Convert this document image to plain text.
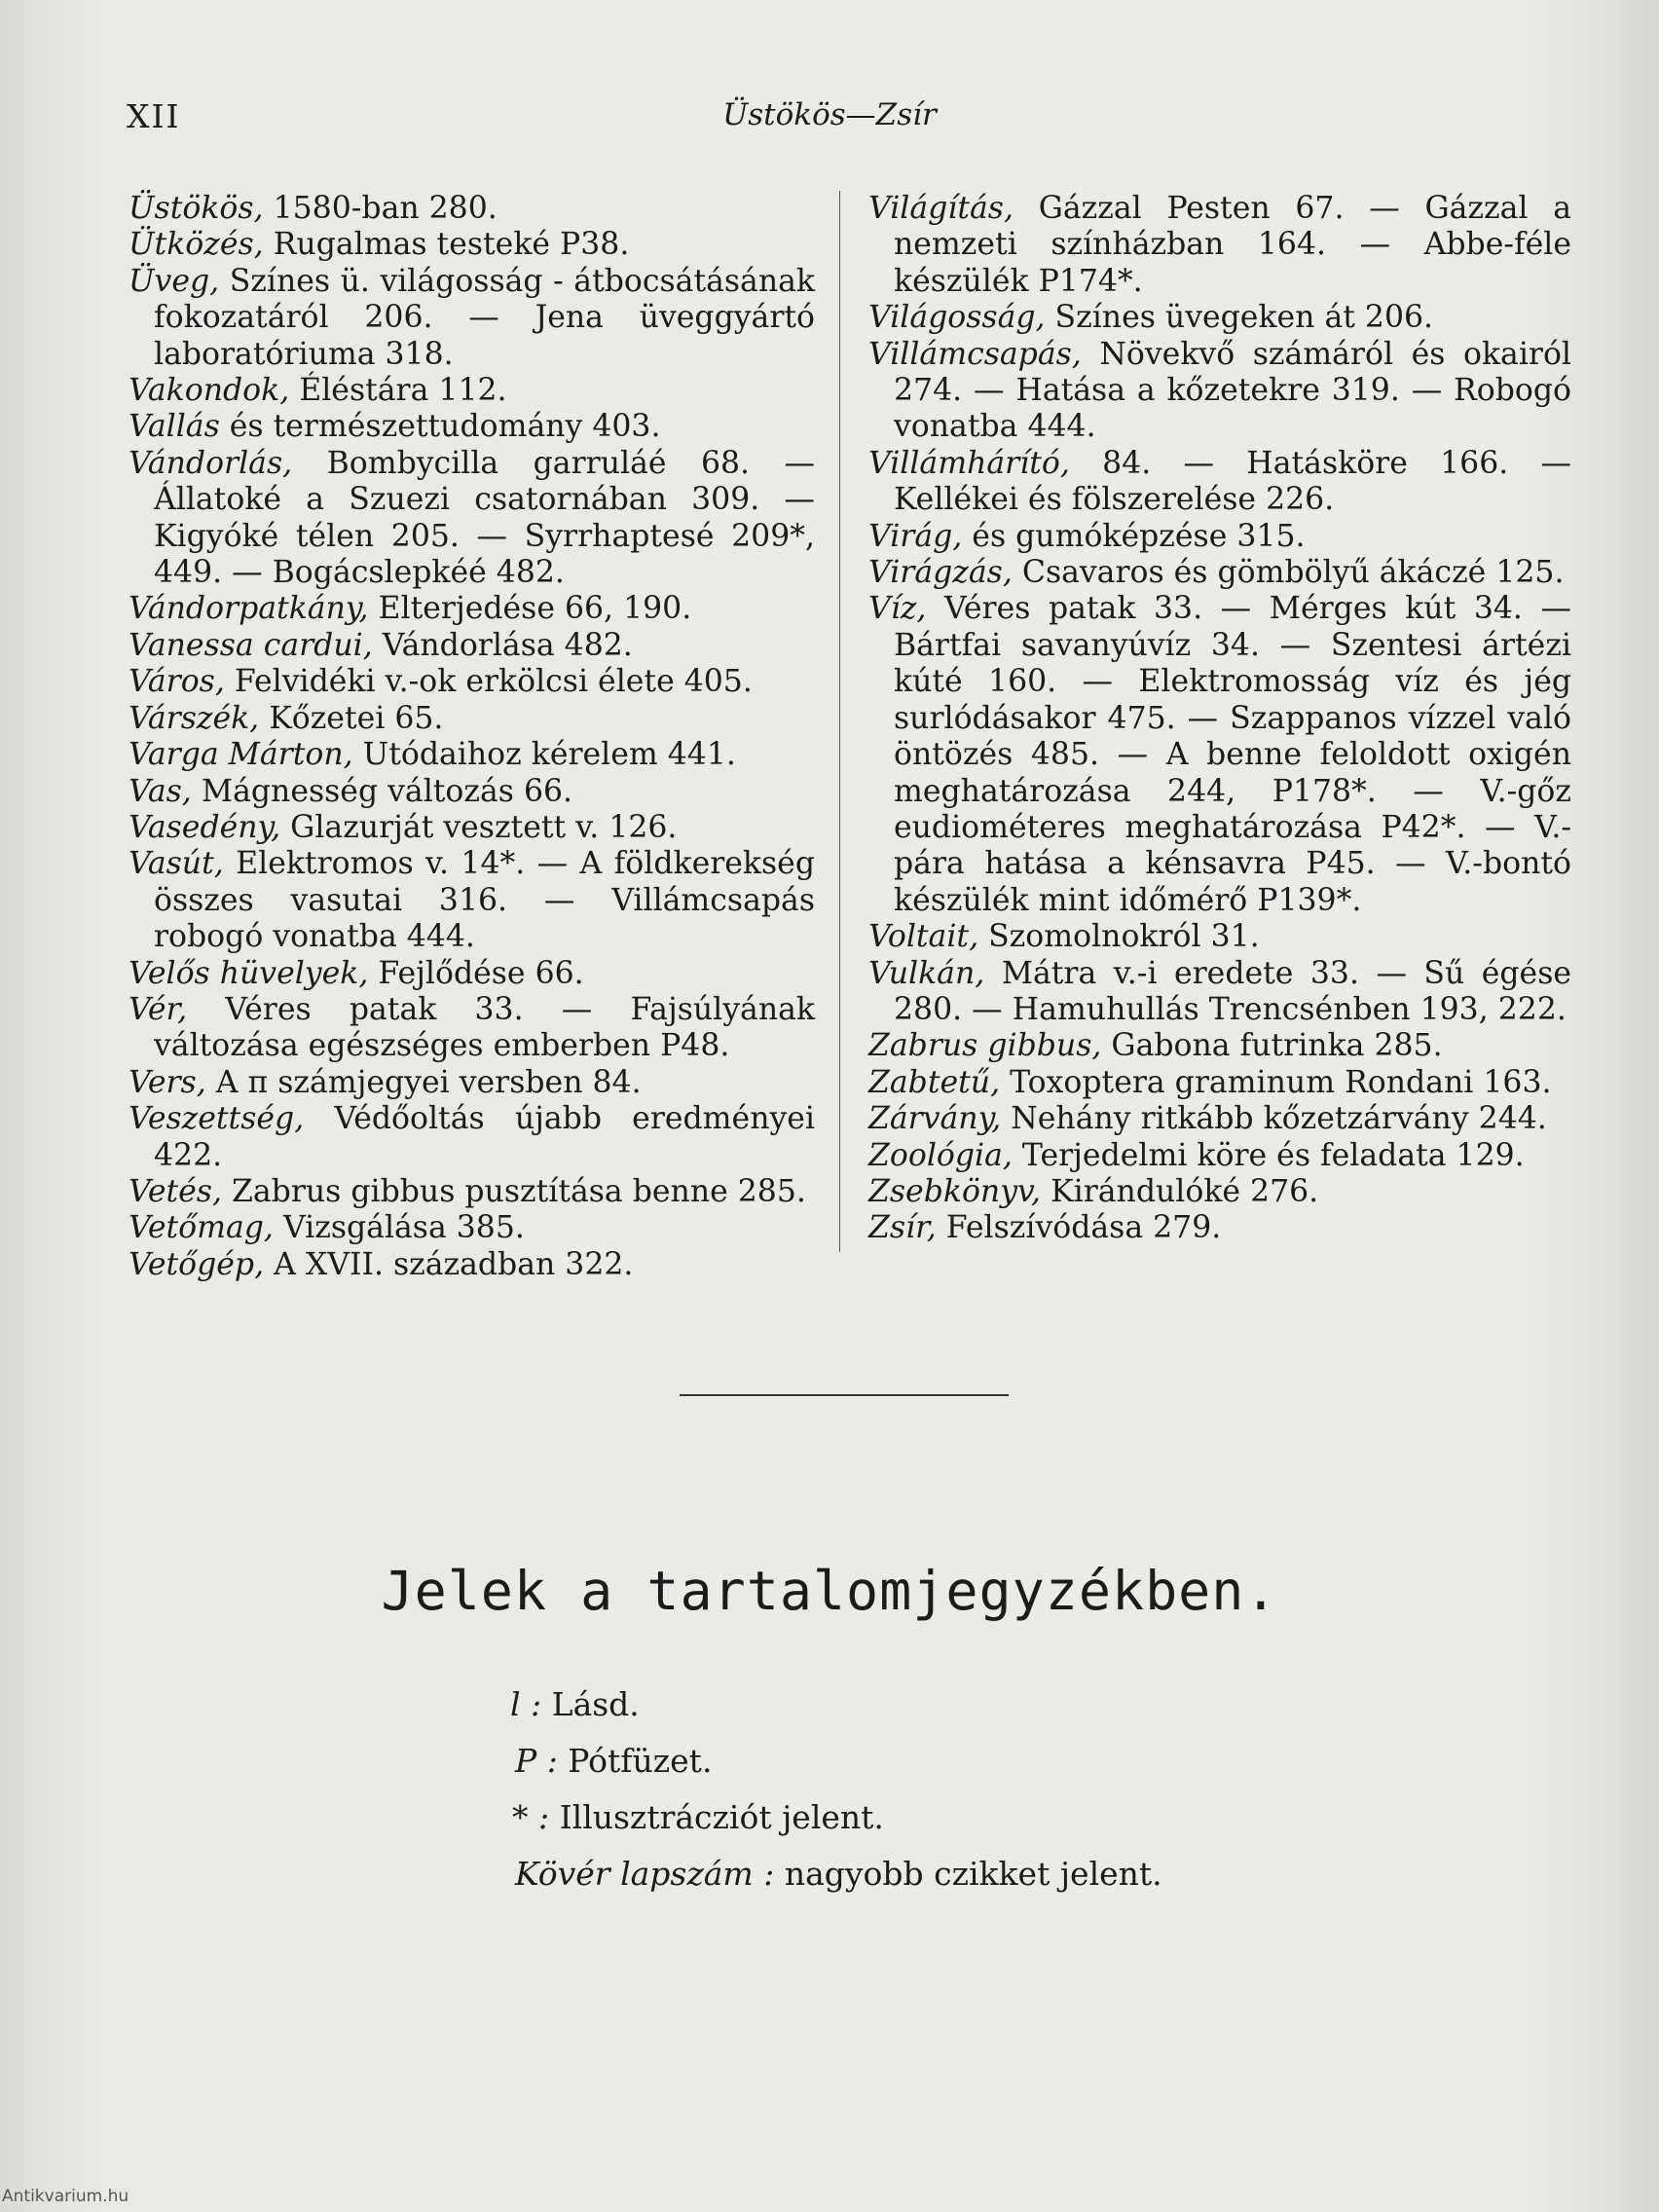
XII	Üstökös—Zsír

Üstökös, 1580-ban 280.

Ütközés, Rugalmas testeké P38.

Üveg, Színes ü. világosság - átbocsátásának fokozatáról 206. — Jena üveggyártó laboratóriuma 318.

Vakondok, Éléstára 112.

Vallás és természettudomány 403.

Vándorlás, Bombycilla garruláé 68. — Állatoké a Szuezi csatornában 309. — Kigyóké télen 205. — Syrrhaptesé 209*, 449. — Bogácslepkéé 482.

Vándorpatkány, Elterjedése 66, 190.

Vanessa cardui, Vándorlása 482.

Város, Felvidéki v.-ok erkölcsi élete 405.

Várszék, Kőzetei 65.

Varga Márton, Utódaihoz kérelem 441.

Vas, Mágnesség változás 66.

Vasedény, Glazurját vesztett v. 126.

Vasút, Elektromos v. 14*. — A földkerekség összes vasutai 316. — Villámcsapás robogó vonatba 444.

Velős hüvelyek, Fejlődése 66.

Vér, Véres patak 33. — Fajsúlyának változása egészséges emberben P48.

Vers, A π számjegyei versben 84.

Veszettség, Védőoltás újabb eredményei 422.

Vetés, Zabrus gibbus pusztítása benne 285.

Vetőmag, Vizsgálása 385.

Vetőgép, A XVII. században 322.

Világítás, Gázzal Pesten 67. — Gázzal a nemzeti színházban 164. — Abbe-féle készülék P174*.

Világosság, Színes üvegeken át 206.

Villámcsapás, Növekvő számáról és okairól 274. — Hatása a kőzetekre 319. — Robogó vonatba 444.

Villámhárító, 84. — Hatásköre 166. — Kellékei és fölszerelése 226.

Virág, és gumóképzése 315.

Virágzás, Csavaros és gömbölyű ákáczé 125.

Víz, Véres patak 33. — Mérges kút 34. — Bártfai savanyúvíz 34. — Szentesi ártézi kúté 160. — Elektromosság víz és jég surlódásakor 475. — Szappanos vízzel való öntözés 485. — A benne feloldott oxigén meghatározása 244, P178*. — V.-gőz eudiométeres meghatározása P42*. — V.-pára hatása a kénsavra P45. — V.-bontó készülék mint időmérő P139*.

Voltait, Szomolnokról 31.

Vulkán, Mátra v.-i eredete 33. — Sű égése 280. — Hamuhullás Trencsénben 193, 222.

Zabrus gibbus, Gabona futrinka 285.

Zabtetű, Toxoptera graminum Rondani 163.

Zárvány, Nehány ritkább kőzetzárvány 244.

Zoológia, Terjedelmi köre és feladata 129.

Zsebkönyv, Kirándulóké 276.

Zsír, Felszívódása 279.

Jelek a tartalomjegyzékben.
l : Lásd.
P : Pótfüzet.
* : Illusztrácziót jelent.
Kövér lapszám : nagyobb czikket jelent.
Antikvarium.hu
